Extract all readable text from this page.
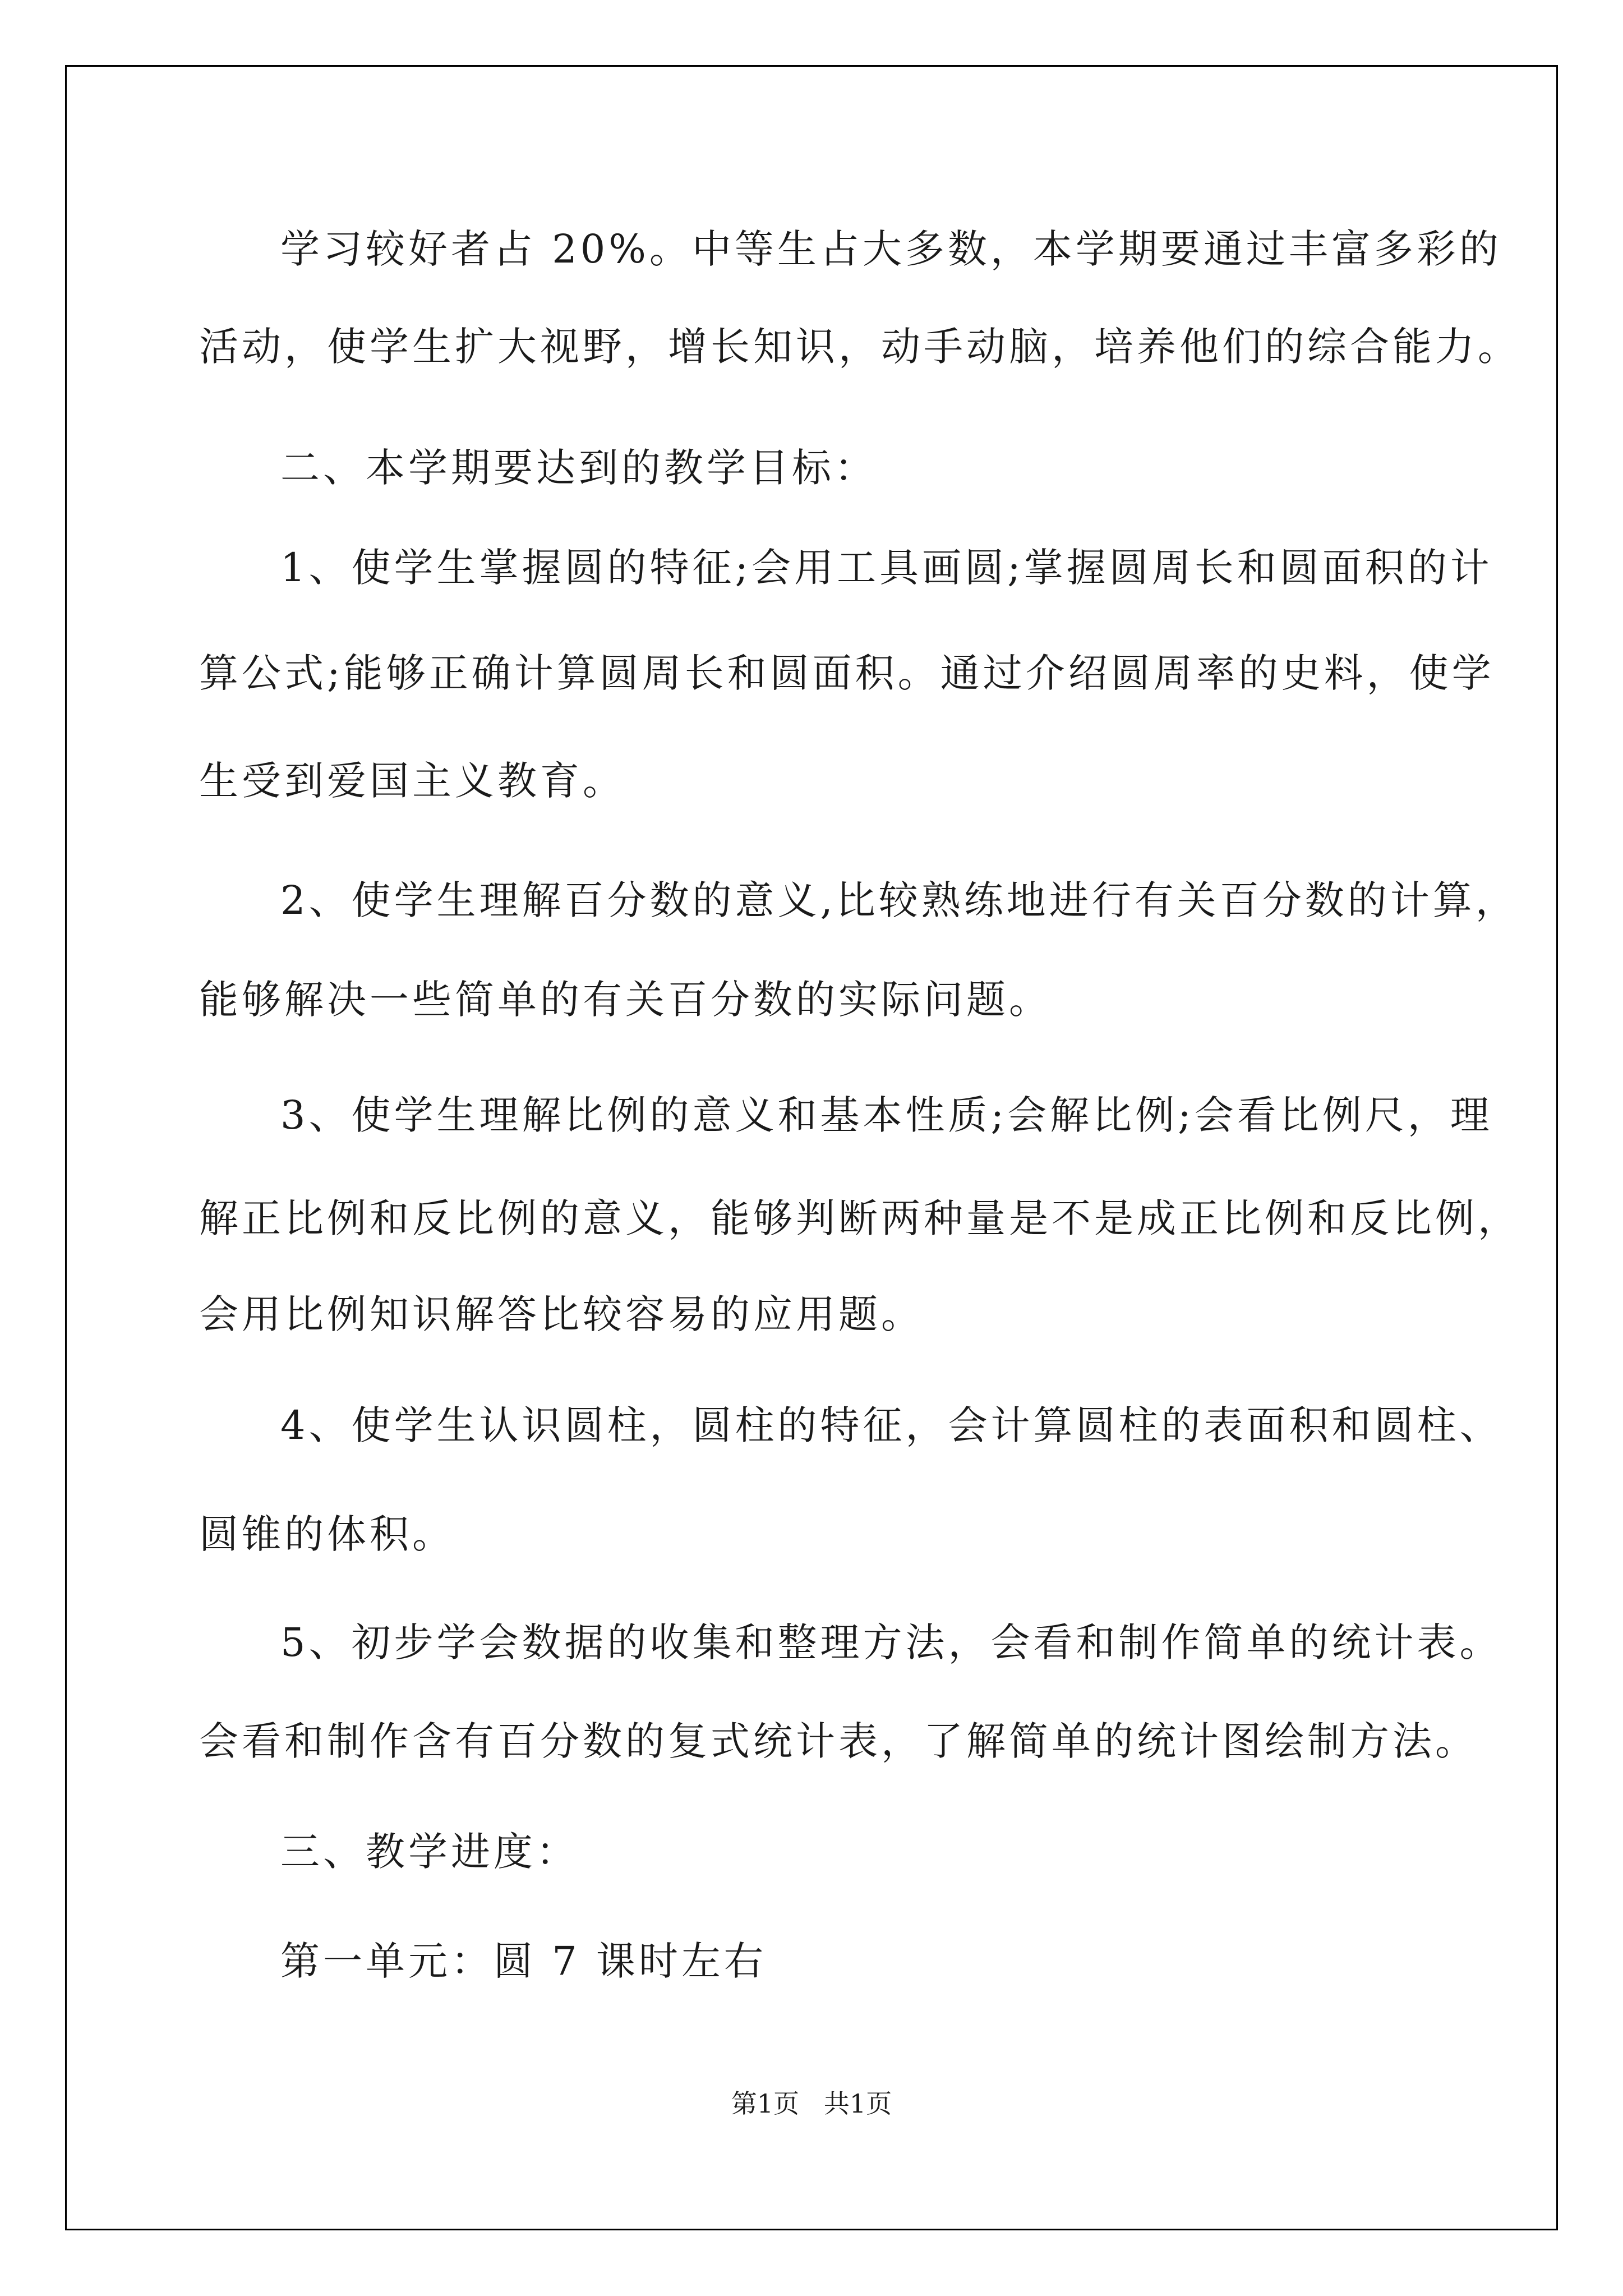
学习较好者占 20%。中等生占大多数，本学期要通过丰富多彩的

活动，使学生扩大视野，增长知识，动手动脑，培养他们的综合能力。

二、本学期要达到的教学目标：

1、使学生掌握圆的特征;会用工具画圆;掌握圆周长和圆面积的计

算公式;能够正确计算圆周长和圆面积。通过介绍圆周率的史料，使学

生受到爱国主义教育。

2、使学生理解百分数的意义,比较熟练地进行有关百分数的计算，

能够解决一些简单的有关百分数的实际问题。

3、使学生理解比例的意义和基本性质;会解比例;会看比例尺，理

解正比例和反比例的意义，能够判断两种量是不是成正比例和反比例，

会用比例知识解答比较容易的应用题。

4、使学生认识圆柱，圆柱的特征，会计算圆柱的表面积和圆柱、

圆锥的体积。

5、初步学会数据的收集和整理方法，会看和制作简单的统计表。

会看和制作含有百分数的复式统计表，了解简单的统计图绘制方法。

三、教学进度：

第一单元：圆 7 课时左右

第1页   共1页
